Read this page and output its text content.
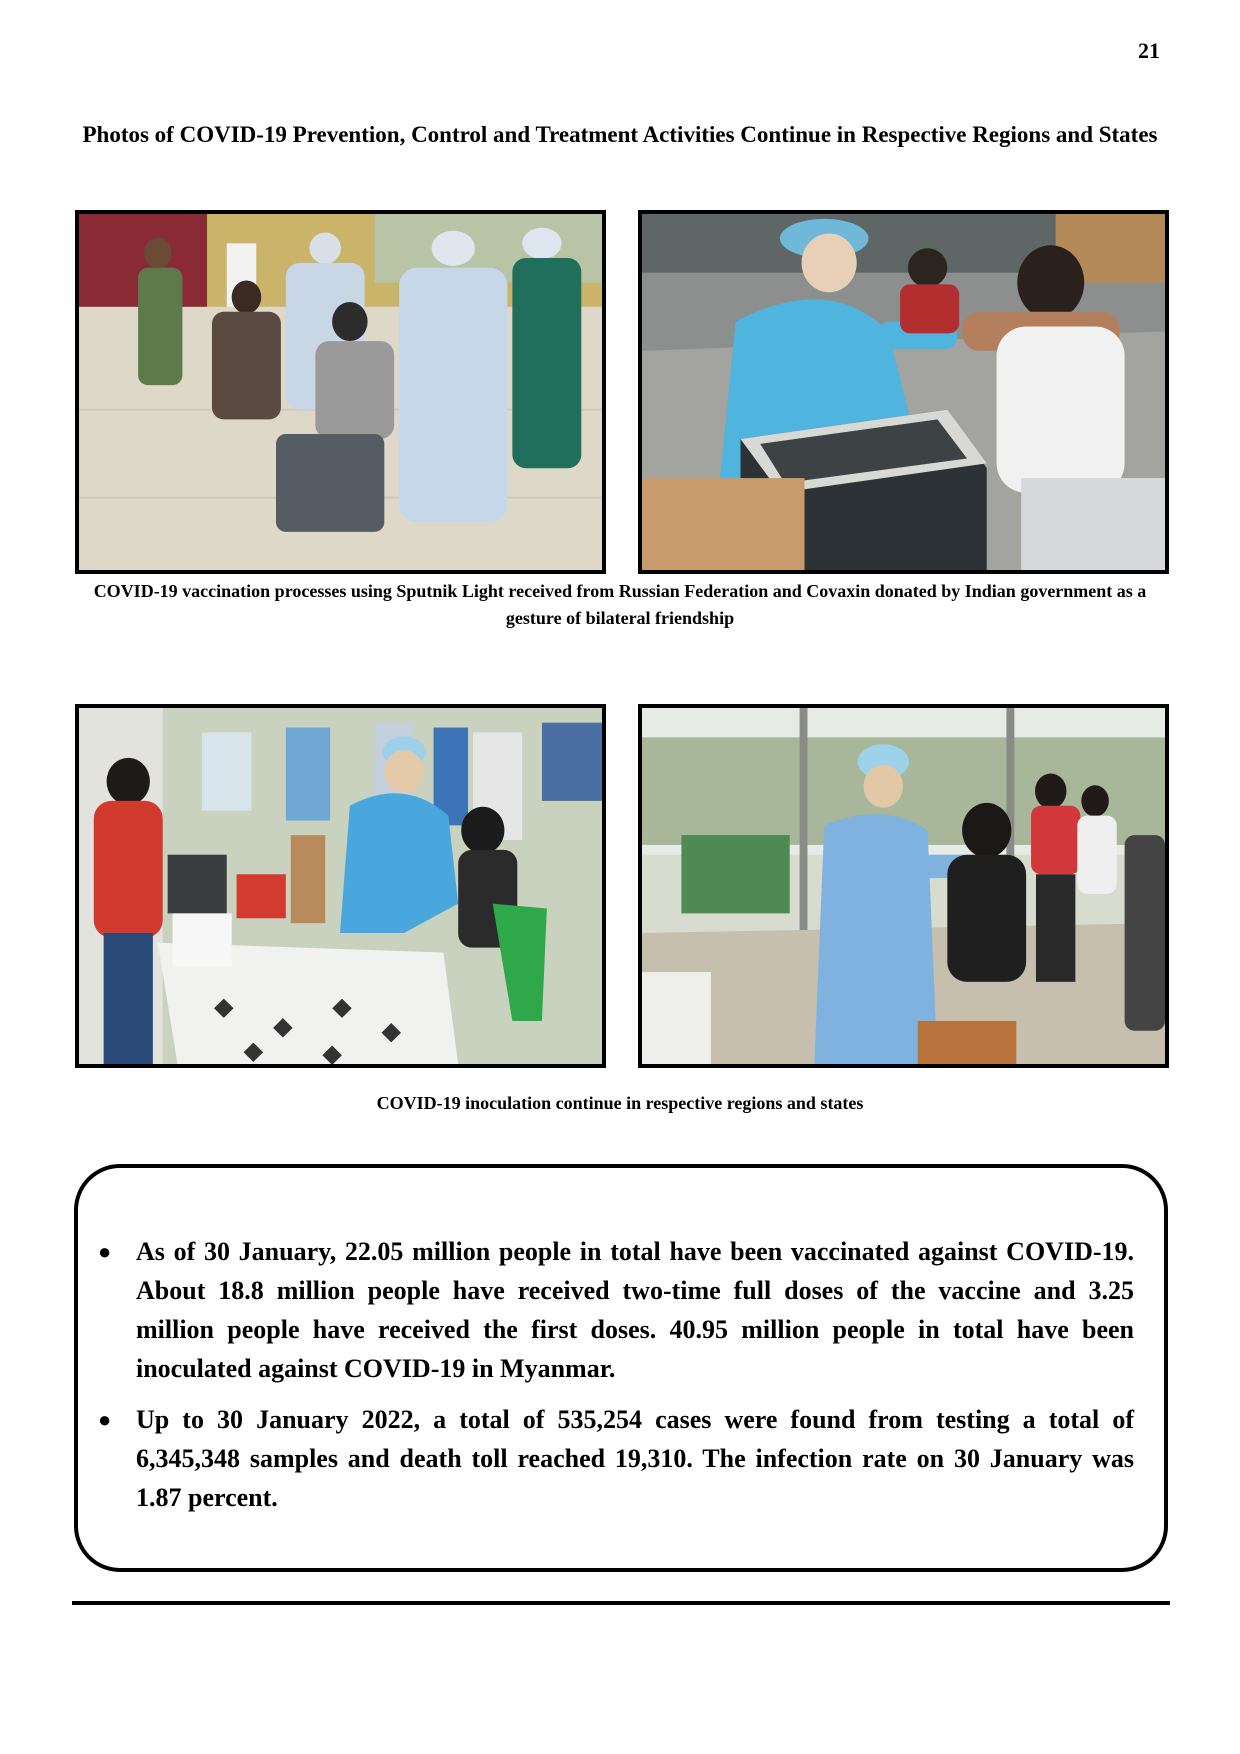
21
Photos of COVID-19 Prevention, Control and Treatment Activities Continue in Respective Regions and States
COVID-19 vaccination processes using Sputnik Light received from Russian Federation and Covaxin donated by Indian government as a gesture of bilateral friendship
COVID-19 inoculation continue in respective regions and states
● As of 30 January, 22.05 million people in total have been vaccinated against COVID-19. About 18.8 million people have received two-time full doses of the vaccine and 3.25 million people have received the first doses. 40.95 million people in total have been inoculated against COVID-19 in Myanmar.
● Up to 30 January 2022, a total of 535,254 cases were found from testing a total of 6,345,348 samples and death toll reached 19,310. The infection rate on 30 January was 1.87 percent.
